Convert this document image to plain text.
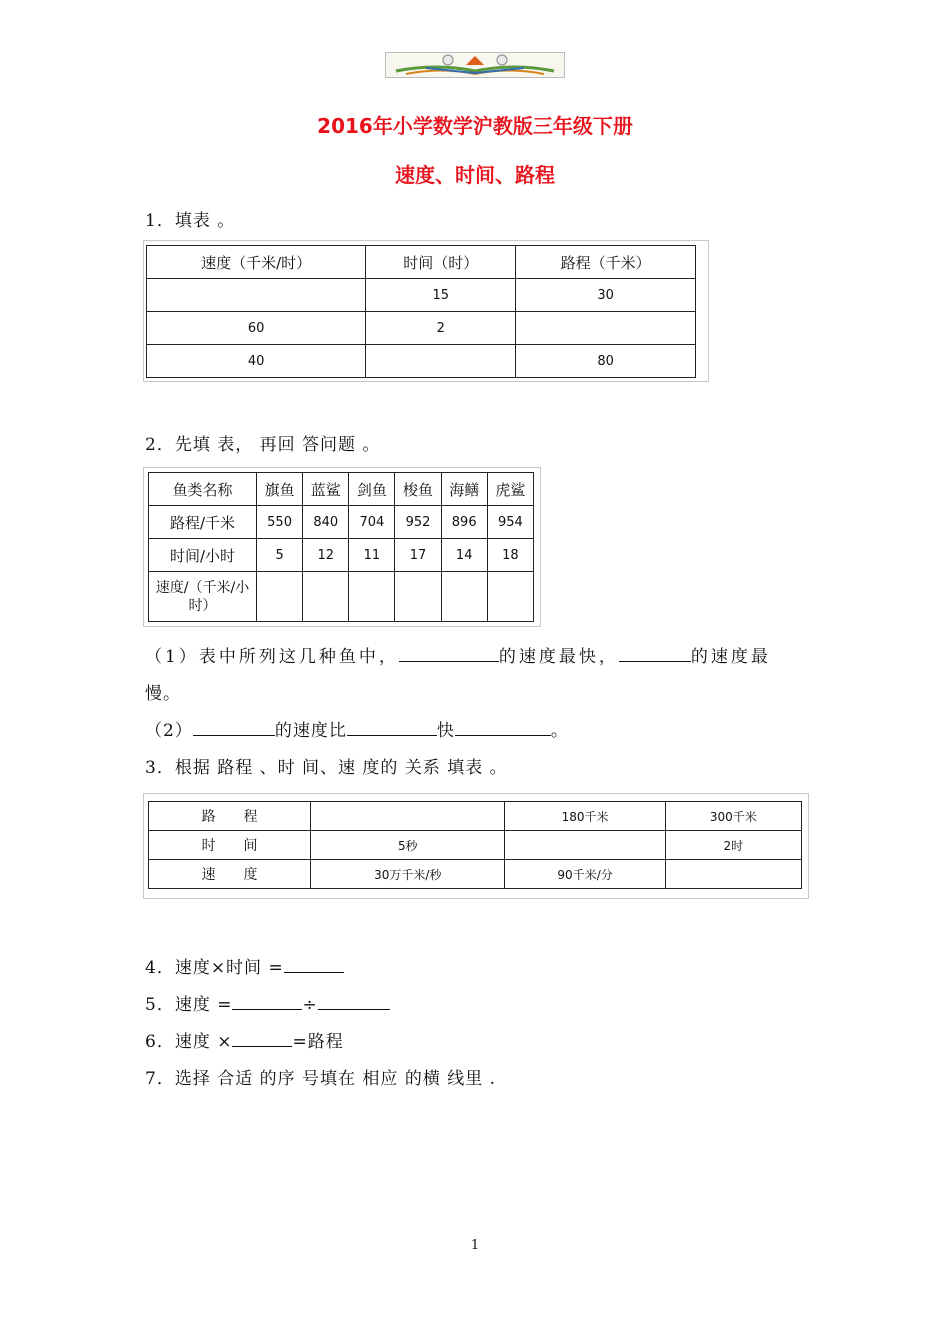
2016年小学数学沪教版三年级下册
速度、时间、路程
1．填表 。
速度（千米/时）	时间（时）	路程（千米）
	15	30
60	2	
40		80
2．先填 表， 再回 答问题 。
鱼类名称	旗鱼	蓝鲨	剑鱼	梭鱼	海鳝	虎鲨
路程/千米	550	840	704	952	896	954
时间/小时	5	12	11	17	14	18
速度/（千米/小时）						
（1）表中所列这几种鱼中，	的速度最快，	的速度最
慢。
（2）	的速度比	快	。
3．根据 路程 、时 间、速 度的 关系 填表 。
路　　程		180千米	300千米
时　　间	5秒		2时
速　　度	30万千米/秒	90千米/分	
4．速度×时间 =
5．速度 =	÷
6．速度 ×	=路程
7．选择 合适 的序 号填在 相应 的横 线里 .
1
